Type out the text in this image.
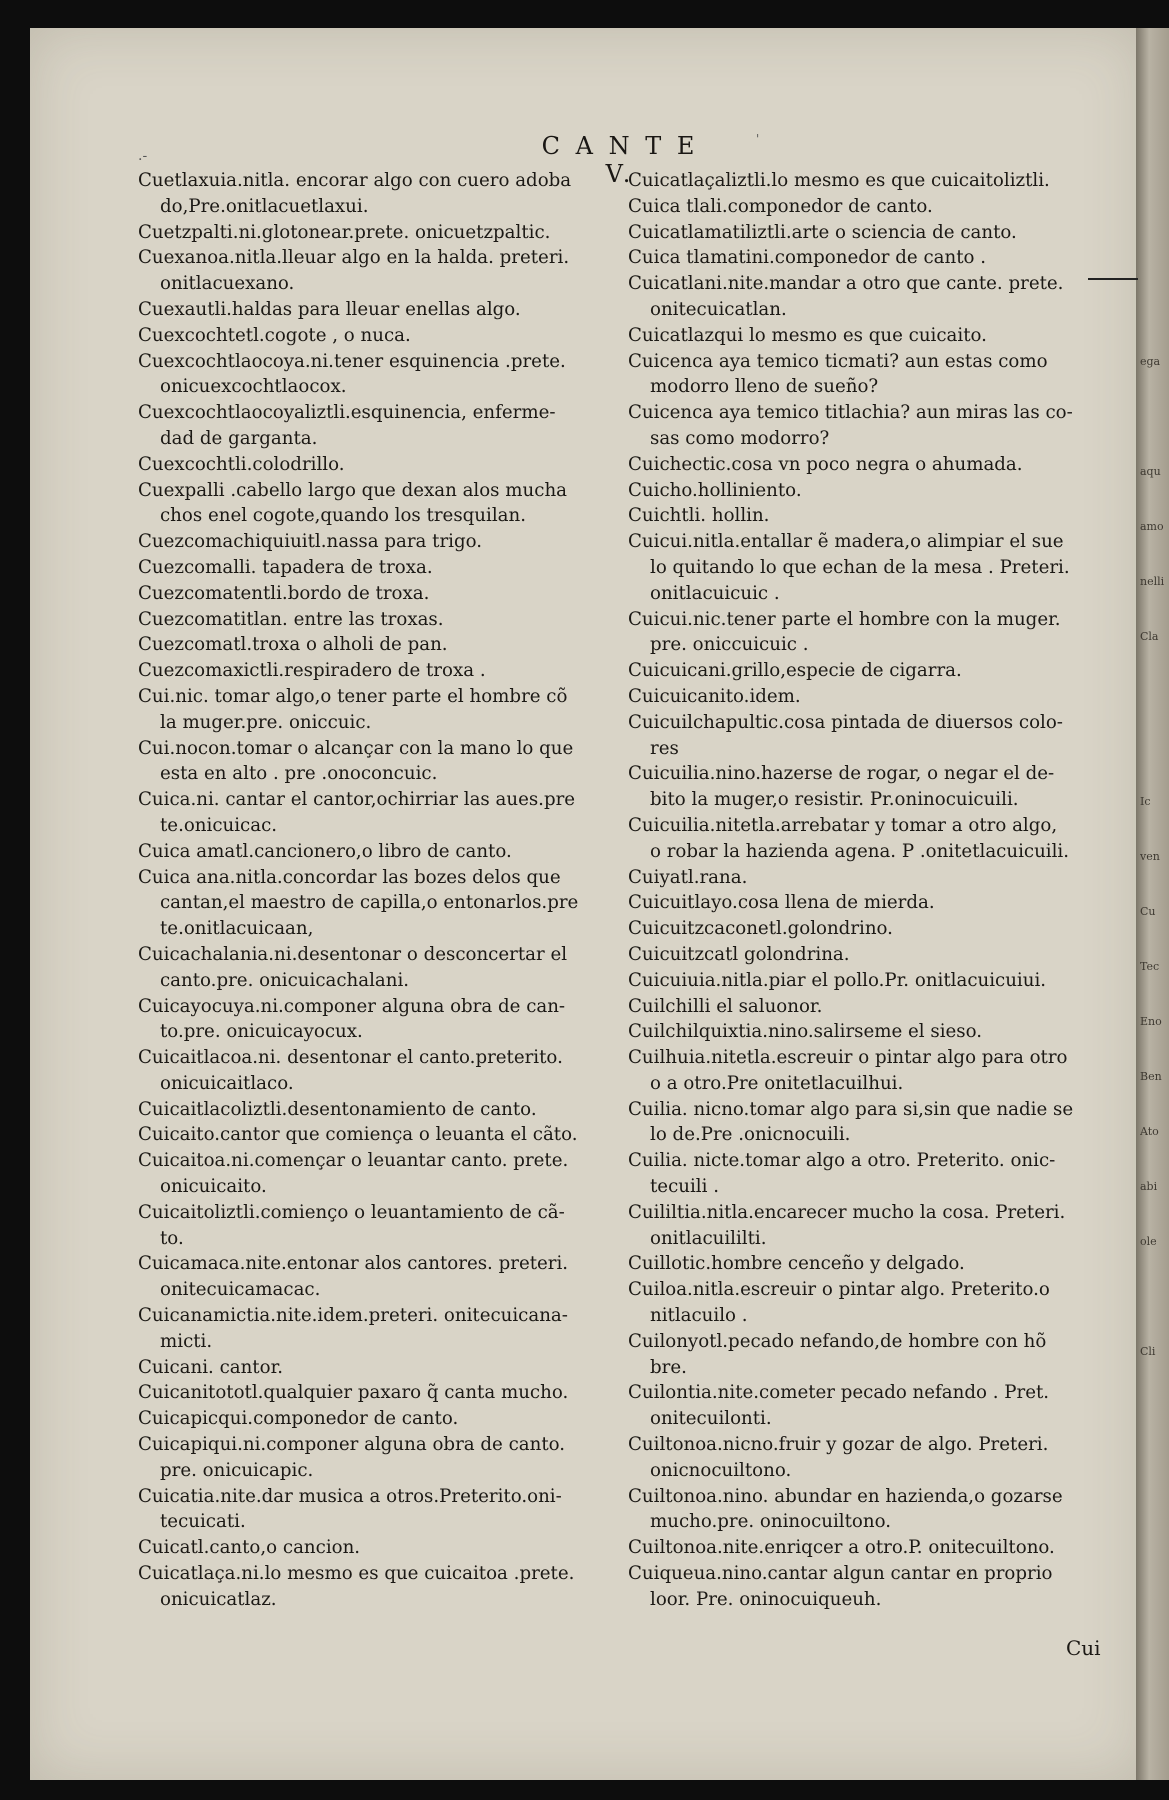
ega
aqu
amo
nelli
Cla
Ic
ven
Cu
Tec
Eno
Ben
Ato
abi
ole
Cli
.-	C A N T E V.
'

Cuetlaxuia.nitla. encorar algo con cuero adoba
do,Pre.onitlacuetlaxui.

Cuetzpalti.ni.glotonear.prete. onicuetzpaltic.

Cuexanoa.nitla.lleuar algo en la halda. preteri.
onitlacuexano.

Cuexautli.haldas para lleuar enellas algo.

Cuexcochtetl.cogote , o nuca.

Cuexcochtlaocoya.ni.tener esquinencia .prete.
onicuexcochtlaocox.

Cuexcochtlaocoyaliztli.esquinencia, enferme-
dad de garganta.

Cuexcochtli.colodrillo.

Cuexpalli .cabello largo que dexan alos mucha
chos enel cogote,quando los tresquilan.

Cuezcomachiquiuitl.nassa para trigo.

Cuezcomalli. tapadera de troxa.

Cuezcomatentli.bordo de troxa.

Cuezcomatitlan. entre las troxas.

Cuezcomatl.troxa o alholi de pan.

Cuezcomaxictli.respiradero de troxa .

Cui.nic. tomar algo,o tener parte el hombre cõ
la muger.pre. oniccuic.

Cui.nocon.tomar o alcançar con la mano lo que
esta en alto . pre .onoconcuic.

Cuica.ni. cantar el cantor,ochirriar las aues.pre
te.onicuicac.

Cuica amatl.cancionero,o libro de canto.

Cuica ana.nitla.concordar las bozes delos que
cantan,el maestro de capilla,o entonarlos.pre
te.onitlacuicaan,

Cuicachalania.ni.desentonar o desconcertar el
canto.pre. onicuicachalani.

Cuicayocuya.ni.componer alguna obra de can-
to.pre. onicuicayocux.

Cuicaitlacoa.ni. desentonar el canto.preterito.
onicuicaitlaco.

Cuicaitlacoliztli.desentonamiento de canto.

Cuicaito.cantor que comiença o leuanta el cãto.

Cuicaitoa.ni.començar o leuantar canto. prete.
onicuicaito.

Cuicaitoliztli.comienço o leuantamiento de cã-
to.

Cuicamaca.nite.entonar alos cantores. preteri.
onitecuicamacac.

Cuicanamictia.nite.idem.preteri. onitecuicana-
micti.

Cuicani. cantor.

Cuicanitototl.qualquier paxaro q̃ canta mucho.

Cuicapicqui.componedor de canto.

Cuicapiqui.ni.componer alguna obra de canto.
pre. onicuicapic.

Cuicatia.nite.dar musica a otros.Preterito.oni-
tecuicati.

Cuicatl.canto,o cancion.

Cuicatlaça.ni.lo mesmo es que cuicaitoa .prete.
onicuicatlaz.

Cuicatlaçaliztli.lo mesmo es que cuicaitoliztli.

Cuica tlali.componedor de canto.

Cuicatlamatiliztli.arte o sciencia de canto.

Cuica tlamatini.componedor de canto .

Cuicatlani.nite.mandar a otro que cante. prete.
onitecuicatlan.

Cuicatlazqui lo mesmo es que cuicaito.

Cuicenca aya temico ticmati? aun estas como
modorro lleno de sueño?

Cuicenca aya temico titlachia? aun miras las co-
sas como modorro?

Cuichectic.cosa vn poco negra o ahumada.

Cuicho.holliniento.

Cuichtli. hollin.

Cuicui.nitla.entallar ẽ madera,o alimpiar el sue
lo quitando lo que echan de la mesa . Preteri.
onitlacuicuic .

Cuicui.nic.tener parte el hombre con la muger.
pre. oniccuicuic .

Cuicuicani.grillo,especie de cigarra.

Cuicuicanito.idem.

Cuicuilchapultic.cosa pintada de diuersos colo-
res

Cuicuilia.nino.hazerse de rogar, o negar el de-
bito la muger,o resistir. Pr.oninocuicuili.

Cuicuilia.nitetla.arrebatar y tomar a otro algo,
o robar la hazienda agena. P .onitetlacuicuili.

Cuiyatl.rana.

Cuicuitlayo.cosa llena de mierda.

Cuicuitzcaconetl.golondrino.

Cuicuitzcatl golondrina.

Cuicuiuia.nitla.piar el pollo.Pr. onitlacuicuiui.

Cuilchilli el saluonor.

Cuilchilquixtia.nino.salirseme el sieso.

Cuilhuia.nitetla.escreuir o pintar algo para otro
o a otro.Pre onitetlacuilhui.

Cuilia. nicno.tomar algo para si,sin que nadie se
lo de.Pre .onicnocuili.

Cuilia. nicte.tomar algo a otro. Preterito. onic-
tecuili .

Cuililtia.nitla.encarecer mucho la cosa. Preteri.
onitlacuililti.

Cuillotic.hombre cenceño y delgado.

Cuiloa.nitla.escreuir o pintar algo. Preterito.o
nitlacuilo .

Cuilonyotl.pecado nefando,de hombre con hõ
bre.

Cuilontia.nite.cometer pecado nefando . Pret.
onitecuilonti.

Cuiltonoa.nicno.fruir y gozar de algo. Preteri.
onicnocuiltono.

Cuiltonoa.nino. abundar en hazienda,o gozarse
mucho.pre. oninocuiltono.

Cuiltonoa.nite.enriqcer a otro.P. onitecuiltono.

Cuiqueua.nino.cantar algun cantar en proprio
loor. Pre. oninocuiqueuh.

Cui
